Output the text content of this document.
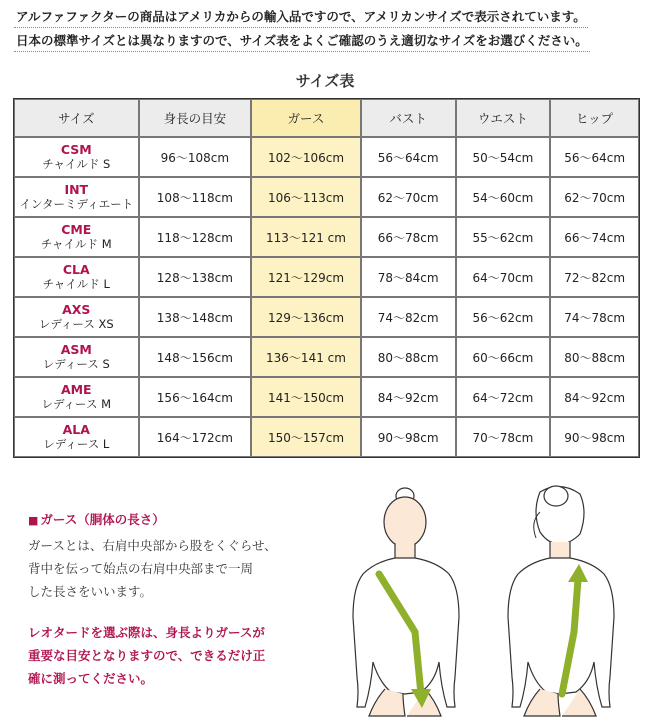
アルファファクターの商品はアメリカからの輸入品ですので、アメリカンサイズで表示されています。
日本の標準サイズとは異なりますので、サイズ表をよくご確認のうえ適切なサイズをお選びください。
サイズ表
サイズ	身長の目安	ガース	バスト	ウエスト	ヒップ

CSM
チャイルド S	96〜108cm	102〜106cm	56〜64cm	50〜54cm	56〜64cm

INT
インターミディエート	108〜118cm	106〜113cm	62〜70cm	54〜60cm	62〜70cm

CME
チャイルド M	118〜128cm	113〜121 cm	66〜78cm	55〜62cm	66〜74cm

CLA
チャイルド L	128〜138cm	121〜129cm	78〜84cm	64〜70cm	72〜82cm

AXS
レディース XS	138〜148cm	129〜136cm	74〜82cm	56〜62cm	74〜78cm

ASM
レディース S	148〜156cm	136〜141 cm	80〜88cm	60〜66cm	80〜88cm

AME
レディース M	156〜164cm	141〜150cm	84〜92cm	64〜72cm	84〜92cm

ALA
レディース L	164〜172cm	150〜157cm	90〜98cm	70〜78cm	90〜98cm
■ ガース（胴体の長さ）
ガースとは、右肩中央部から股をくぐらせ、
背中を伝って始点の右肩中央部まで一周
した長さをいいます。
レオタードを選ぶ際は、身長よりガースが
重要な目安となりますので、できるだけ正
確に測ってください。
